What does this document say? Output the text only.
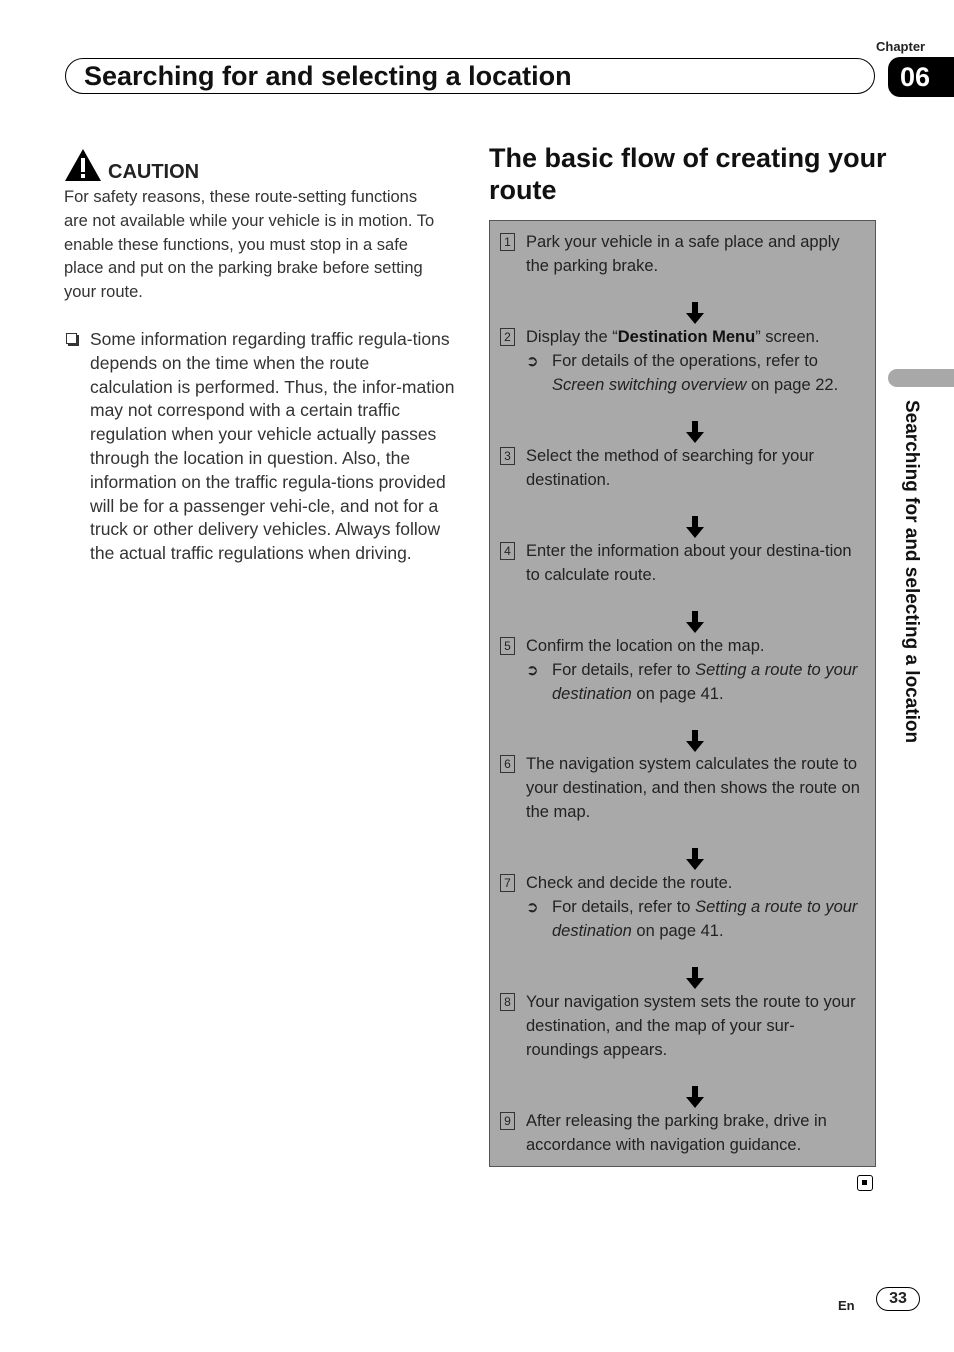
Chapter
06
Searching for and selecting a location
Searching for and selecting a location
CAUTION

For safety reasons, these route-setting functions are not available while your vehicle is in motion. To enable these functions, you must stop in a safe place and put on the parking brake before setting your route.

Some information regarding traffic regula-tions depends on the time when the route calculation is performed. Thus, the infor-mation may not correspond with a certain traffic regulation when your vehicle actually passes through the location in question. Also, the information on the traffic regula-tions provided will be for a passenger vehi-cle, and not for a truck or other delivery vehicles. Always follow the actual traffic regulations when driving.

The basic flow of creating your route
1 Park your vehicle in a safe place and apply the parking brake.

2 Display the “Destination Menu” screen.

➲ For details of the operations, refer to Screen switching overview on page 22.

3 Select the method of searching for your destination.

4 Enter the information about your destina-tion to calculate route.

5 Confirm the location on the map.

➲ For details, refer to Setting a route to your destination on page 41.

6 The navigation system calculates the route to your destination, and then shows the route on the map.

7 Check and decide the route.

➲ For details, refer to Setting a route to your destination on page 41.

8 Your navigation system sets the route to your destination, and the map of your sur-roundings appears.

9 After releasing the parking brake, drive in accordance with navigation guidance.

En	33
